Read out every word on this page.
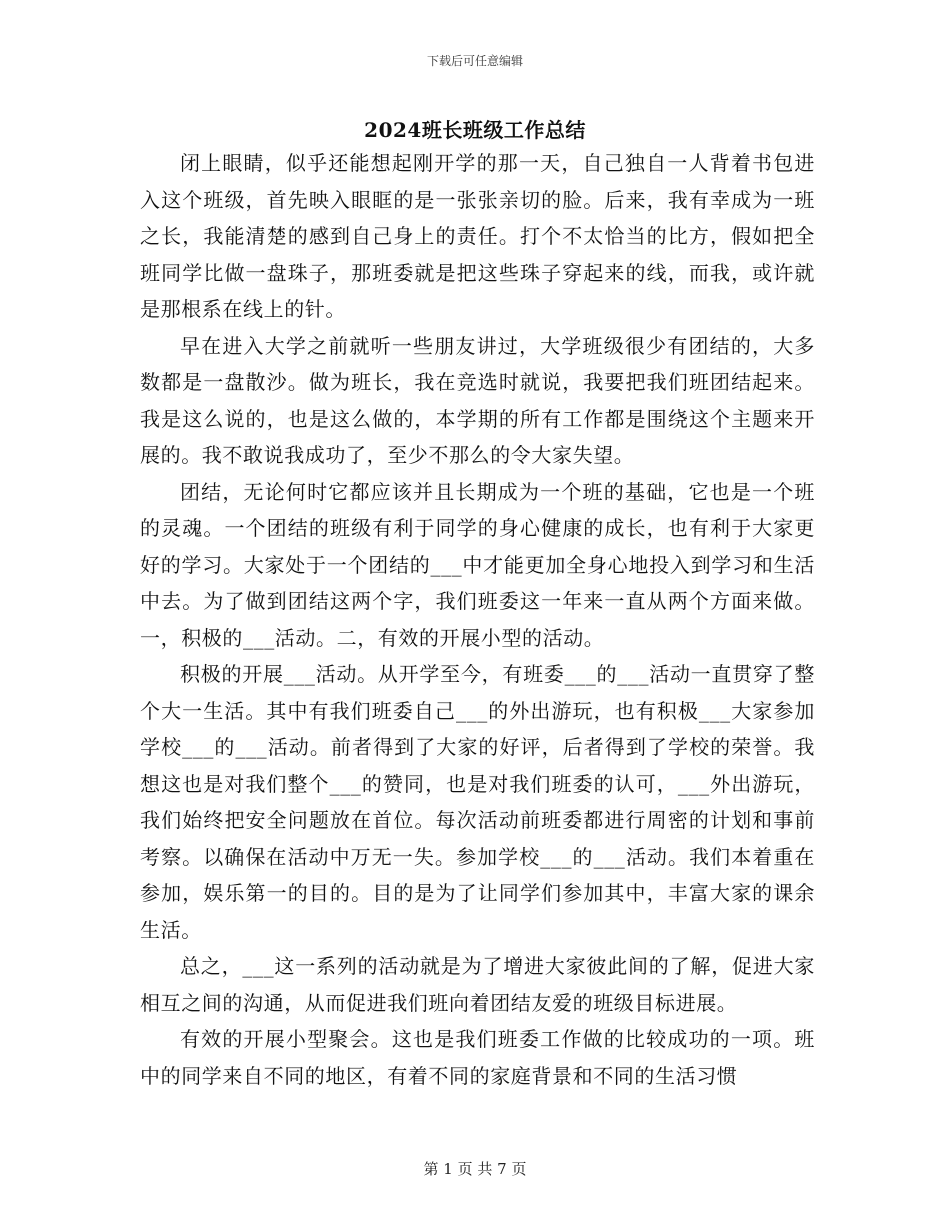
下载后可任意编辑
2024班长班级工作总结

闭上眼睛，似乎还能想起刚开学的那一天，自己独自一人背着书包进入这个班级，首先映入眼眶的是一张张亲切的脸。后来，我有幸成为一班之长，我能清楚的感到自己身上的责任。打个不太恰当的比方，假如把全班同学比做一盘珠子，那班委就是把这些珠子穿起来的线，而我，或许就是那根系在线上的针。

早在进入大学之前就听一些朋友讲过，大学班级很少有团结的，大多数都是一盘散沙。做为班长，我在竞选时就说，我要把我们班团结起来。我是这么说的，也是这么做的，本学期的所有工作都是围绕这个主题来开展的。我不敢说我成功了，至少不那么的令大家失望。

团结，无论何时它都应该并且长期成为一个班的基础，它也是一个班的灵魂。一个团结的班级有利于同学的身心健康的成长，也有利于大家更好的学习。大家处于一个团结的___中才能更加全身心地投入到学习和生活中去。为了做到团结这两个字，我们班委这一年来一直从两个方面来做。一，积极的___活动。二，有效的开展小型的活动。

积极的开展___活动。从开学至今，有班委___的___活动一直贯穿了整个大一生活。其中有我们班委自己___的外出游玩，也有积极___大家参加学校___的___活动。前者得到了大家的好评，后者得到了学校的荣誉。我想这也是对我们整个___的赞同，也是对我们班委的认可，___外出游玩，我们始终把安全问题放在首位。每次活动前班委都进行周密的计划和事前考察。以确保在活动中万无一失。参加学校___的___活动。我们本着重在参加，娱乐第一的目的。目的是为了让同学们参加其中，丰富大家的课余生活。

总之，___这一系列的活动就是为了增进大家彼此间的了解，促进大家相互之间的沟通，从而促进我们班向着团结友爱的班级目标进展。

有效的开展小型聚会。这也是我们班委工作做的比较成功的一项。班中的同学来自不同的地区，有着不同的家庭背景和不同的生活习惯

第 1 页 共 7 页
